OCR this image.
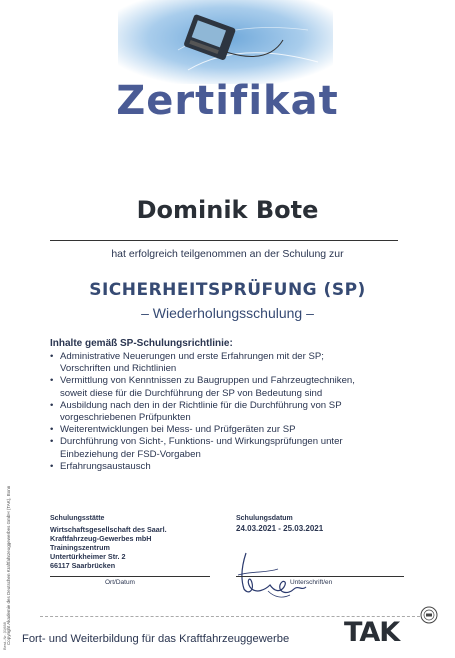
Zertifikat
Dominik Bote
hat erfolgreich teilgenommen an der Schulung zur
SICHERHEITSPRÜFUNG (SP)
– Wiederholungsschulung –
Inhalte gemäß SP-Schulungsrichtlinie:
• Administrative Neuerungen und erste Erfahrungen mit der SP;
Vorschriften und Richtlinien
• Vermittlung von Kenntnissen zu Baugruppen und Fahrzeugtechniken,
soweit diese für die Durchführung der SP von Bedeutung sind
• Ausbildung nach den in der Richtlinie für die Durchführung von SP
vorgeschriebenen Prüfpunkten
• Weiterentwicklungen bei Mess- und Prüfgeräten zur SP
• Durchführung von Sicht-, Funktions- und Wirkungsprüfungen unter
Einbeziehung der FSD-Vorgaben
• Erfahrungsaustausch
Schulungsstätte
Wirtschaftsgesellschaft des Saarl.
Kraftfahrzeug-Gewerbes mbH
Trainingszentrum
Untertürkheimer Str. 2
66117 Saarbrücken
Schulungsdatum
24.03.2021 - 25.03.2021
Ort/Datum	Unterschrift/en
Copyright Akademie des Deutschen Kraftfahrzeuggewerbes GmbH (TAK), Bonn
Best.-Nr. 31688 Fort- und Weiterbildung für das Kraftfahrzeuggewerbe TAK
